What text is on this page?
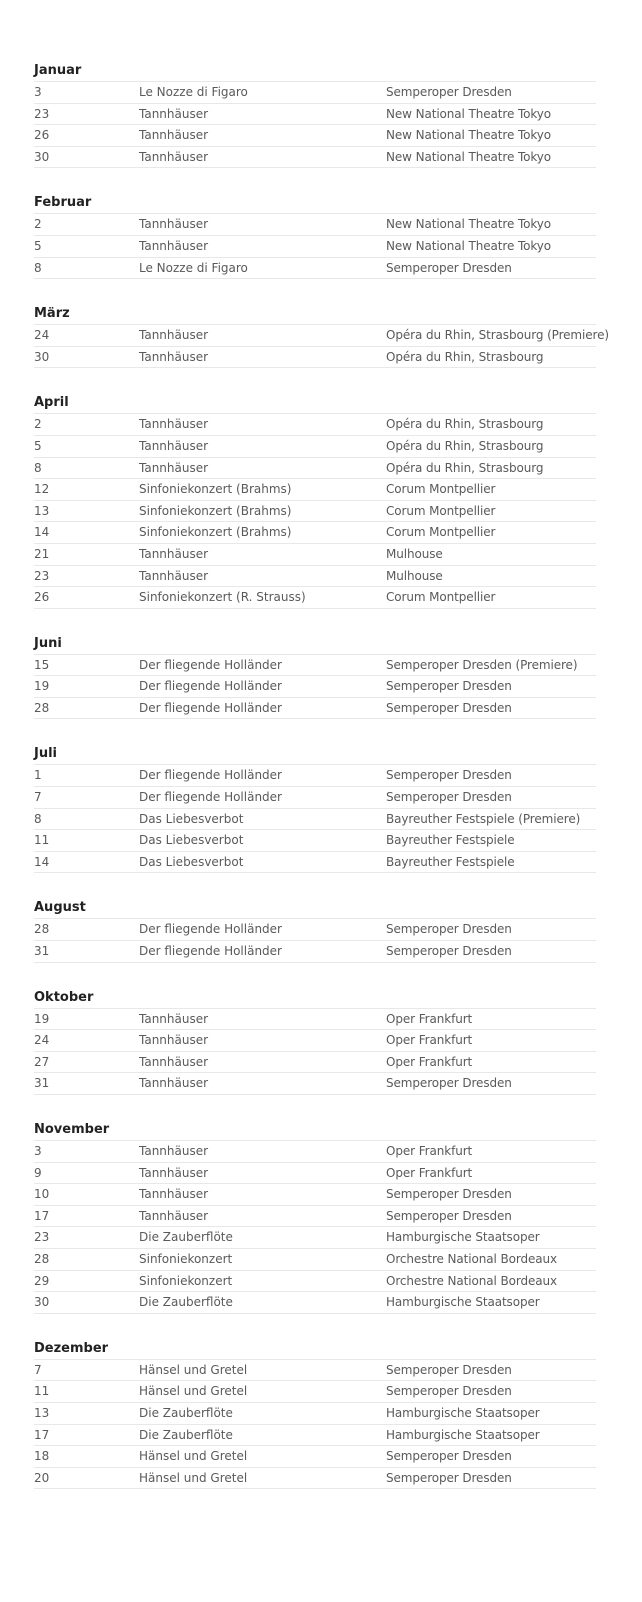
Januar
3	Le Nozze di Figaro	Semperoper Dresden
23	Tannhäuser	New National Theatre Tokyo
26	Tannhäuser	New National Theatre Tokyo
30	Tannhäuser	New National Theatre Tokyo
Februar
2	Tannhäuser	New National Theatre Tokyo
5	Tannhäuser	New National Theatre Tokyo
8	Le Nozze di Figaro	Semperoper Dresden
März
24	Tannhäuser	Opéra du Rhin, Strasbourg (Premiere)
30	Tannhäuser	Opéra du Rhin, Strasbourg
April
2	Tannhäuser	Opéra du Rhin, Strasbourg
5	Tannhäuser	Opéra du Rhin, Strasbourg
8	Tannhäuser	Opéra du Rhin, Strasbourg
12	Sinfoniekonzert (Brahms)	Corum Montpellier
13	Sinfoniekonzert (Brahms)	Corum Montpellier
14	Sinfoniekonzert (Brahms)	Corum Montpellier
21	Tannhäuser	Mulhouse
23	Tannhäuser	Mulhouse
26	Sinfoniekonzert (R. Strauss)	Corum Montpellier
Juni
15	Der fliegende Holländer	Semperoper Dresden (Premiere)
19	Der fliegende Holländer	Semperoper Dresden
28	Der fliegende Holländer	Semperoper Dresden
Juli
1	Der fliegende Holländer	Semperoper Dresden
7	Der fliegende Holländer	Semperoper Dresden
8	Das Liebesverbot	Bayreuther Festspiele (Premiere)
11	Das Liebesverbot	Bayreuther Festspiele
14	Das Liebesverbot	Bayreuther Festspiele
August
28	Der fliegende Holländer	Semperoper Dresden
31	Der fliegende Holländer	Semperoper Dresden
Oktober
19	Tannhäuser	Oper Frankfurt
24	Tannhäuser	Oper Frankfurt
27	Tannhäuser	Oper Frankfurt
31	Tannhäuser	Semperoper Dresden
November
3	Tannhäuser	Oper Frankfurt
9	Tannhäuser	Oper Frankfurt
10	Tannhäuser	Semperoper Dresden
17	Tannhäuser	Semperoper Dresden
23	Die Zauberflöte	Hamburgische Staatsoper
28	Sinfoniekonzert	Orchestre National Bordeaux
29	Sinfoniekonzert	Orchestre National Bordeaux
30	Die Zauberflöte	Hamburgische Staatsoper
Dezember
7	Hänsel und Gretel	Semperoper Dresden
11	Hänsel und Gretel	Semperoper Dresden
13	Die Zauberflöte	Hamburgische Staatsoper
17	Die Zauberflöte	Hamburgische Staatsoper
18	Hänsel und Gretel	Semperoper Dresden
20	Hänsel und Gretel	Semperoper Dresden
